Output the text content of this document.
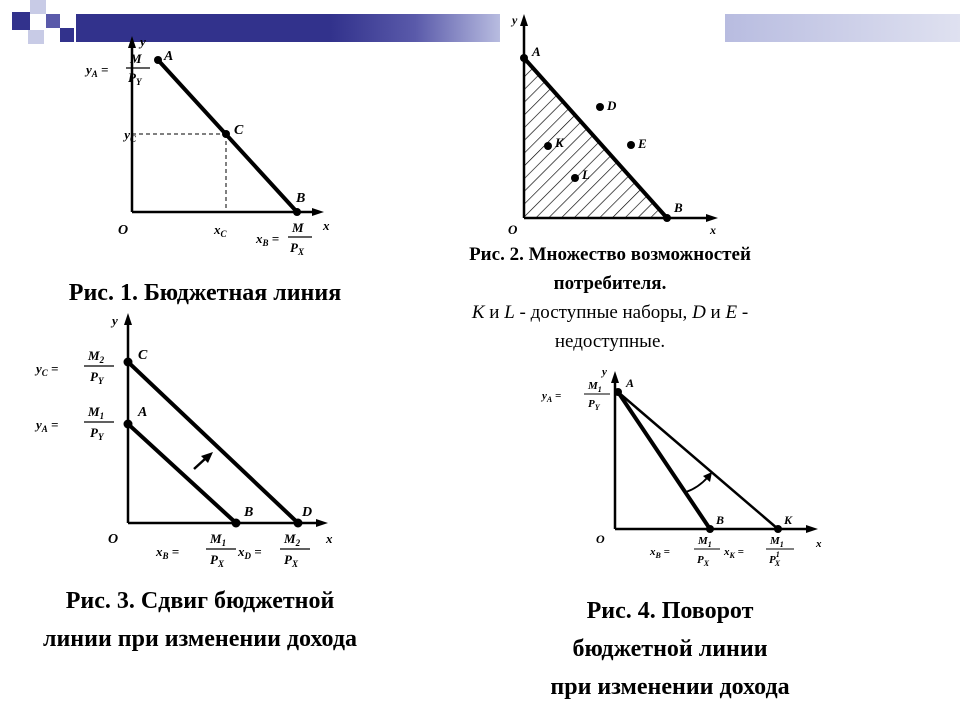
y
x
O
A
C
B
$y_A$ =
M
$P_Y$
$y_C$
$x_C$ $x_B$ =
M
$P_X$
Рис. 1. Бюджетная линия
y
x
O
A
B
D
E
K
L
Рис. 2. Множество возможностей
потребителя.
K и L - доступные наборы, D и E -
недоступные.
y
x
O
C
A
B	D
$y_C$ =
$M_2$
$P_Y$
$y_A$ =
$M_1$
$P_Y$
$x_B$ =
$M_1$
$P_X$
$x_D$ =
$M_2$
$P_X$
Рис. 3. Сдвиг бюджетной
линии при изменении дохода
y
x
O
A
B	K
$y_A$ =
$M_1$
$P_Y$
$x_B$ =
$M_1$
$P_X$
$x_K$ =
$M_1$
$P^1$ X
Рис. 4. Поворот
бюджетной линии
при изменении дохода
